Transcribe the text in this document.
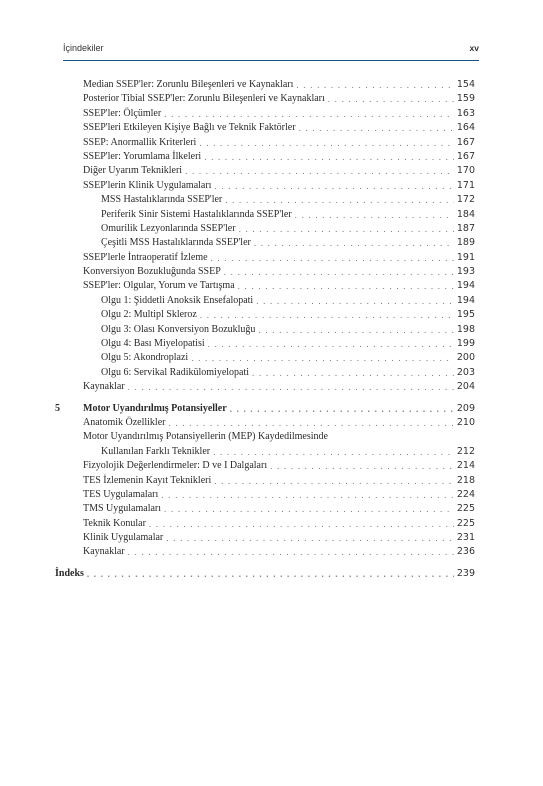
İçindekiler	xv
Median SSEP'ler: Zorunlu Bileşenleri ve Kaynakları . . .	154
Posterior Tibial SSEP'ler: Zorunlu Bileşenleri ve Kaynakları . . .	159
SSEP'ler: Ölçümler . . .	163
SSEP'leri Etkileyen Kişiye Bağlı ve Teknik Faktörler . . .	164
SSEP: Anormallik Kriterleri . . .	167
SSEP'ler: Yorumlama İlkeleri . . .	167
Diğer Uyarım Teknikleri . . .	170
SSEP'lerin Klinik Uygulamaları . . .	171
MSS Hastalıklarında SSEP'ler . . .	172
Periferik Sinir Sistemi Hastalıklarında SSEP'ler . . .	184
Omurilik Lezyonlarında SSEP'ler . . .	187
Çeşitli MSS Hastalıklarında SSEP'ler . . .	189
SSEP'lerle İntraoperatif İzleme . . .	191
Konversiyon Bozukluğunda SSEP . . .	193
SSEP'ler: Olgular, Yorum ve Tartışma . . .	194
Olgu 1: Şiddetli Anoksik Ensefalopati . . .	194
Olgu 2: Multipl Skleroz . . .	195
Olgu 3: Olası Konversiyon Bozukluğu . . .	198
Olgu 4: Bası Miyelopatisi . . .	199
Olgu 5: Akondroplazi . . .	200
Olgu 6: Servikal Radikülomiyelopati . . .	203
Kaynaklar . . .	204
5	Motor Uyandırılmış Potansiyeller . . .	209
Anatomik Özellikler . . .	210
Motor Uyandırılmış Potansiyellerin (MEP) Kaydedilmesinde
Kullanılan Farklı Teknikler . . .	212
Fizyolojik Değerlendirmeler: D ve I Dalgaları . . .	214
TES İzlemenin Kayıt Teknikleri . . .	218
TES Uygulamaları . . .	224
TMS Uygulamaları . . .	225
Teknik Konular . . .	225
Klinik Uygulamalar . . .	231
Kaynaklar . . .	236
İndeks . . .	239
